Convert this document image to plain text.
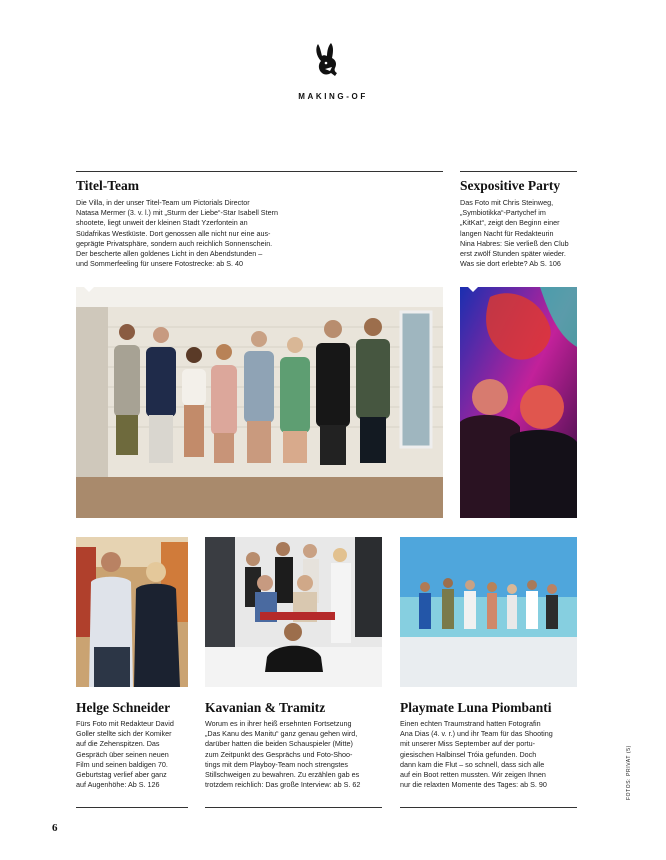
MAKING-OF
Titel-Team
Die Villa, in der unser Titel-Team um Pictorials Director
Natasa Mermer (3. v. l.) mit „Sturm der Liebe“-Star Isabell Stern
shootete, liegt unweit der kleinen Stadt Yzerfontein an
Südafrikas Westküste. Dort genossen alle nicht nur eine aus-
geprägte Privatsphäre, sondern auch reichlich Sonnenschein.
Der bescherte allen goldenes Licht in den Abendstunden –
und Sommerfeeling für unsere Fotostrecke: ab S. 40
Sexpositive Party
Das Foto mit Chris Steinweg,
„Symbiotikka“-Partychef im
„KitKat“, zeigt den Beginn einer
langen Nacht für Redakteurin
Nina Habres: Sie verließ den Club
erst zwölf Stunden später wieder.
Was sie dort erlebte? Ab S. 106
Helge Schneider
Fürs Foto mit Redakteur David
Goller stellte sich der Komiker
auf die Zehenspitzen. Das
Gespräch über seinen neuen
Film und seinen baldigen 70.
Geburtstag verlief aber ganz
auf Augenhöhe: Ab S. 126
Kavanian & Tramitz
Worum es in ihrer heiß ersehnten Fortsetzung
„Das Kanu des Manitu“ ganz genau gehen wird,
darüber hatten die beiden Schauspieler (Mitte)
zum Zeitpunkt des Gesprächs und Foto-Shoo-
tings mit dem Playboy-Team noch strengstes
Stillschweigen zu bewahren. Zu erzählen gab es
trotzdem reichlich: Das große Interview: ab S. 62
Playmate Luna Piombanti
Einen echten Traumstrand hatten Fotografin
Ana Dias (4. v. r.) und ihr Team für das Shooting
mit unserer Miss September auf der portu-
giesischen Halbinsel Tróia gefunden. Doch
dann kam die Flut – so schnell, dass sich alle
auf ein Boot retten mussten. Wir zeigen Ihnen
nur die relaxten Momente des Tages: ab S. 90
6
FOTOS: PRIVAT (5)
